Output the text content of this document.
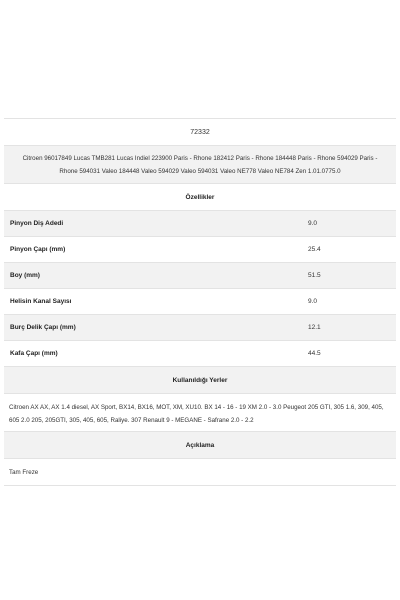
72332
Citroen 96017849 Lucas TMB281 Lucas Indiel 223900 Paris - Rhone 182412 Paris - Rhone 184448 Paris - Rhone 594029 Paris -
Rhone 594031 Valeo 184448 Valeo 594029 Valeo 594031 Valeo NE778 Valeo NE784 Zen 1.01.0775.0
Özellikler
Pinyon Diş Adedi	9.0
Pinyon Çapı (mm)	25.4
Boy (mm)	51.5
Helisin Kanal Sayısı	9.0
Burç Delik Çapı (mm)	12.1
Kafa Çapı (mm)	44.5
Kullanıldığı Yerler
Citroen AX AX, AX 1.4 diesel, AX Sport, BX14, BX16, MOT, XM, XU10. BX 14 - 16 - 19 XM 2.0 - 3.0 Peugeot 205 GTI, 305 1.6, 309, 405, 605 2.0 205, 205GTI, 305, 405, 605, Raliye. 307 Renault 9 - MEGANE - Safrane 2.0 - 2.2
Açıklama
Tam Freze
